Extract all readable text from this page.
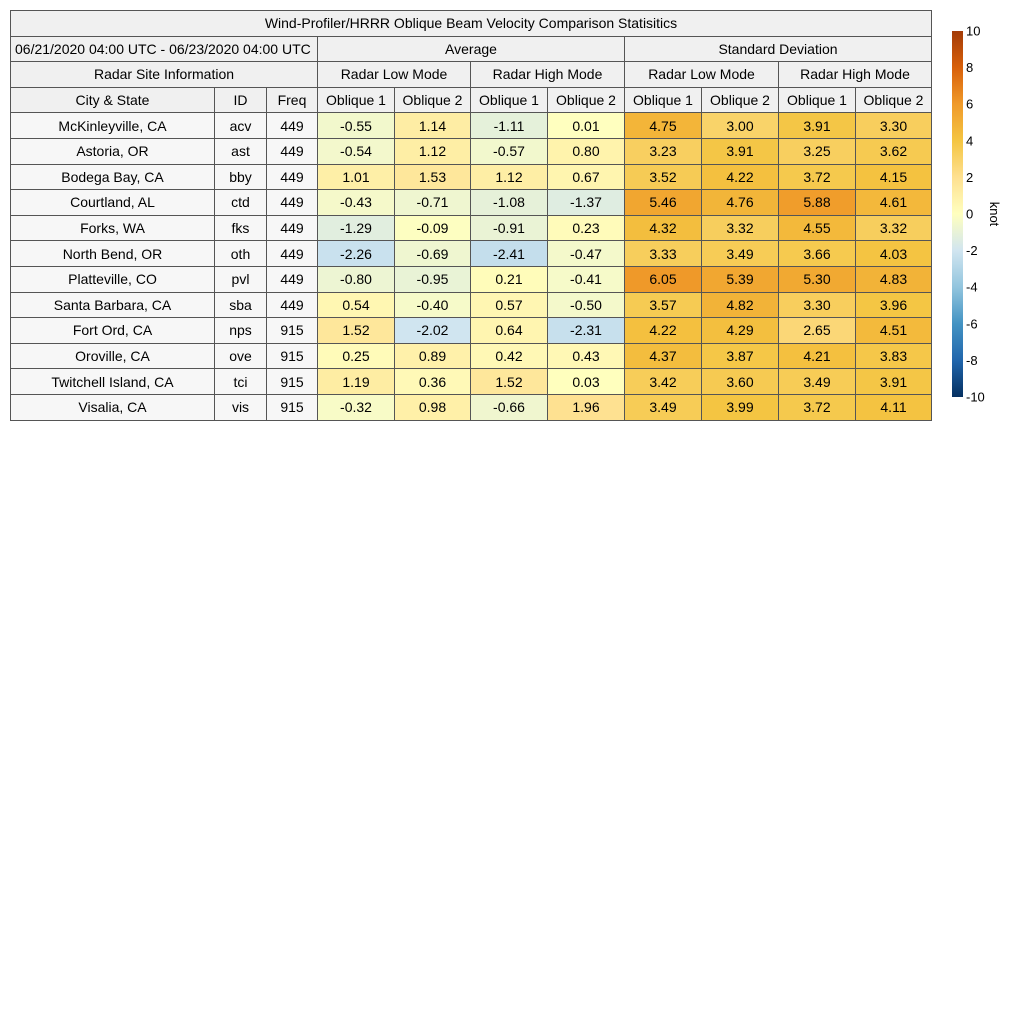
Wind-Profiler/HRRR Oblique Beam Velocity Comparison Statisitics										
06/21/2020 04:00 UTC - 06/23/2020 04:00 UTC			Average				Standard Deviation			
Radar Site Information			Radar Low Mode		Radar High Mode		Radar Low Mode		Radar High Mode	
City & State	ID	Freq	Oblique 1	Oblique 2	Oblique 1	Oblique 2	Oblique 1	Oblique 2	Oblique 1	Oblique 2
McKinleyville, CA	acv	449	-0.55	1.14	-1.11	0.01	4.75	3.00	3.91	3.30
Astoria, OR	ast	449	-0.54	1.12	-0.57	0.80	3.23	3.91	3.25	3.62
Bodega Bay, CA	bby	449	1.01	1.53	1.12	0.67	3.52	4.22	3.72	4.15
Courtland, AL	ctd	449	-0.43	-0.71	-1.08	-1.37	5.46	4.76	5.88	4.61
Forks, WA	fks	449	-1.29	-0.09	-0.91	0.23	4.32	3.32	4.55	3.32
North Bend, OR	oth	449	-2.26	-0.69	-2.41	-0.47	3.33	3.49	3.66	4.03
Platteville, CO	pvl	449	-0.80	-0.95	0.21	-0.41	6.05	5.39	5.30	4.83
Santa Barbara, CA	sba	449	0.54	-0.40	0.57	-0.50	3.57	4.82	3.30	3.96
Fort Ord, CA	nps	915	1.52	-2.02	0.64	-2.31	4.22	4.29	2.65	4.51
Oroville, CA	ove	915	0.25	0.89	0.42	0.43	4.37	3.87	4.21	3.83
Twitchell Island, CA	tci	915	1.19	0.36	1.52	0.03	3.42	3.60	3.49	3.91
Visalia, CA	vis	915	-0.32	0.98	-0.66	1.96	3.49	3.99	3.72	4.11
10
8
6
4
2
0
-2
-4
-6
-8
-10
knot
